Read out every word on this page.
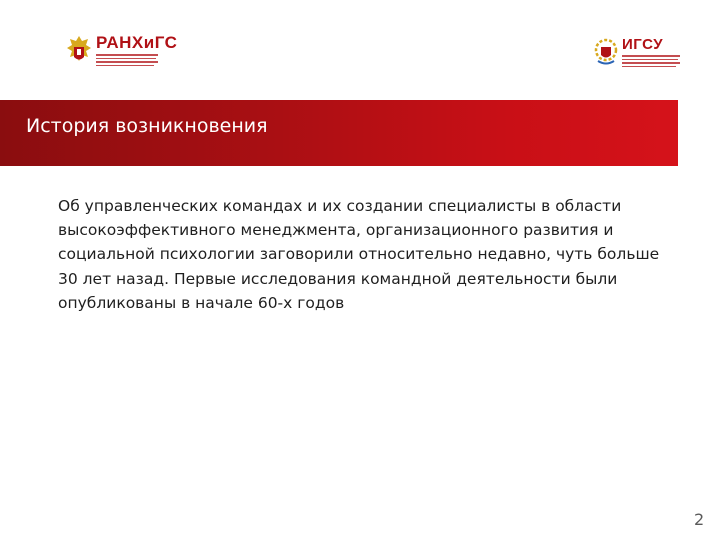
РАНХиГС	ИГСУ
История возникновения
Об управленческих командах и их создании специалисты в области высокоэффективного менеджмента, организационного развития и социальной психологии заговорили относительно недавно, чуть больше 30 лет назад. Первые исследования командной деятельности были опубликованы в начале 60-х годов
2
